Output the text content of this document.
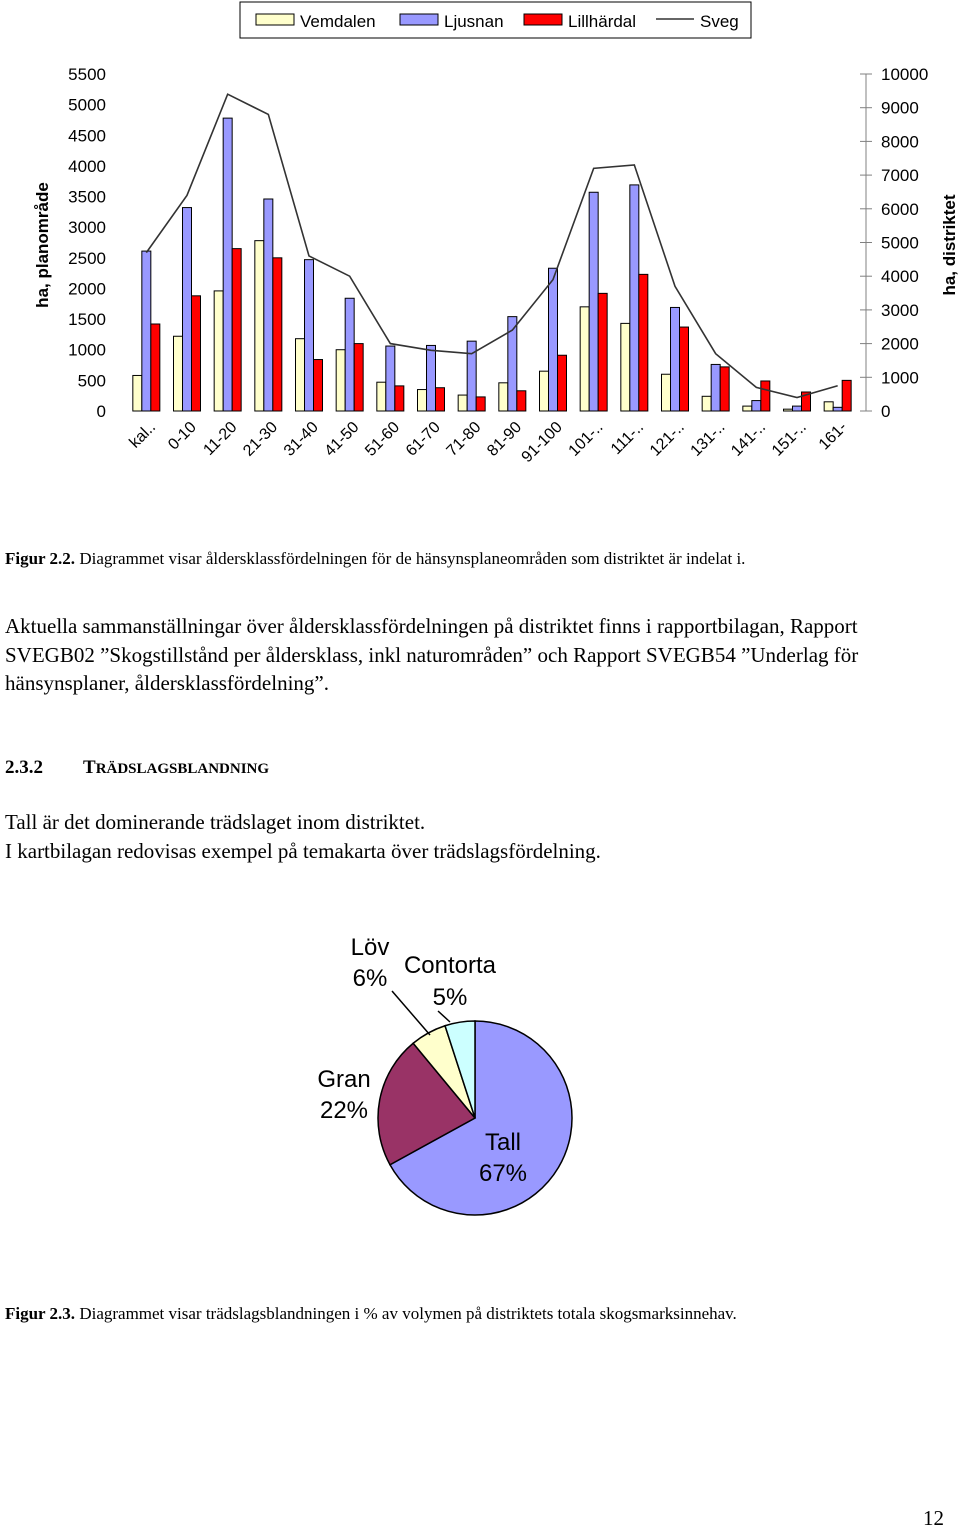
Vemdalen	Ljusnan	Lillhärdal	Sveg
5500
5000
4500
4000
3500
3000
2500
2000
1500
1000
500
0
10000
9000
8000
7000
6000
5000
4000
3000
2000
1000
0
ha, planområde	ha, distriktet
kal.. 0-10 11-20 21-30 31-40 41-50 51-60 61-70 71-80 81-90
91-100 101-.. 111-.. 121-.. 131-.. 141-.. 151-.. 161-
Tall
67%
Gran
22%
Löv
6% Contorta
5%
Figur 2.2. Diagrammet visar åldersklassfördelningen för de hänsynsplaneområden som distriktet är indelat i.
Aktuella sammanställningar över åldersklassfördelningen på distriktet finns i rapportbilagan, Rapport SVEGB02 ”Skogstillstånd per åldersklass, inkl naturområden” och Rapport SVEGB54 ”Underlag för hänsynsplaner, åldersklassfördelning”.
2.3.2 TRÄDSLAGSBLANDNING
Tall är det dominerande trädslaget inom distriktet.
I kartbilagan redovisas exempel på temakarta över trädslagsfördelning.
Figur 2.3. Diagrammet visar trädslagsblandningen i % av volymen på distriktets totala skogsmarksinnehav.
12
